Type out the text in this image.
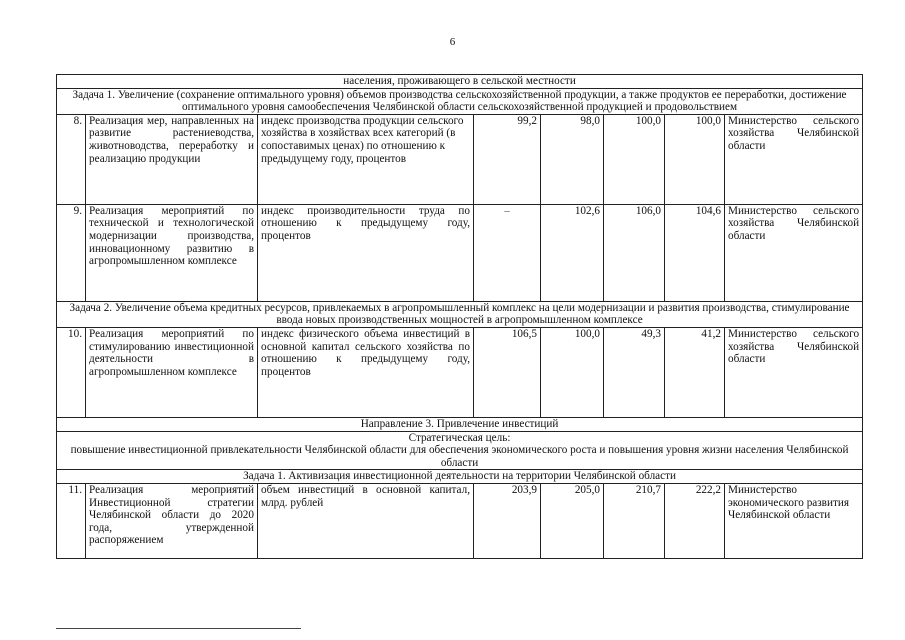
6
населения, проживающего в сельской местности							
Задача 1. Увеличение (сохранение оптимального уровня) объемов производства сельскохозяйственной продукции, а также продуктов ее переработки, достижение оптимального уровня самообеспечения Челябинской области сельскохозяйственной продукцией и продовольствием							
8.	Реализация мер, направленных на развитие растениеводства, животноводства, переработку и реализацию продукции	индекс производства продукции сельского хозяйства в хозяйствах всех категорий (в сопоставимых ценах) по отношению к предыдущему году, процентов	99,2	98,0	100,0	100,0	Министерство сельского хозяйства Челябинской области
9.	Реализация мероприятий по технической и технологической модернизации производства, инновационному развитию в агропромышленном комплексе	индекс производительности труда по отношению к предыдущему году, процентов	–	102,6	106,0	104,6	Министерство сельского хозяйства Челябинской области
Задача 2. Увеличение объема кредитных ресурсов, привлекаемых в агропромышленный комплекс на цели модернизации и развития производства, стимулирование ввода новых производственных мощностей в агропромышленном комплексе							
10.	Реализация мероприятий по стимулированию инвестиционной деятельности в агропромышленном комплексе	индекс физического объема инвестиций в основной капитал сельского хозяйства по отношению к предыдущему году, процентов	106,5	100,0	49,3	41,2	Министерство сельского хозяйства Челябинской области
Направление 3. Привлечение инвестиций							

Стратегическая цель:
повышение инвестиционной привлекательности Челябинской области для обеспечения экономического роста и повышения уровня жизни населения Челябинской области							

Задача 1. Активизация инвестиционной деятельности на территории Челябинской области							
11.	Реализация мероприятий Инвестиционной стратегии Челябинской области до 2020 года, утвержденной распоряжением	объем инвестиций в основной капитал, млрд. рублей	203,9	205,0	210,7	222,2	Министерство экономического развития Челябинской области
